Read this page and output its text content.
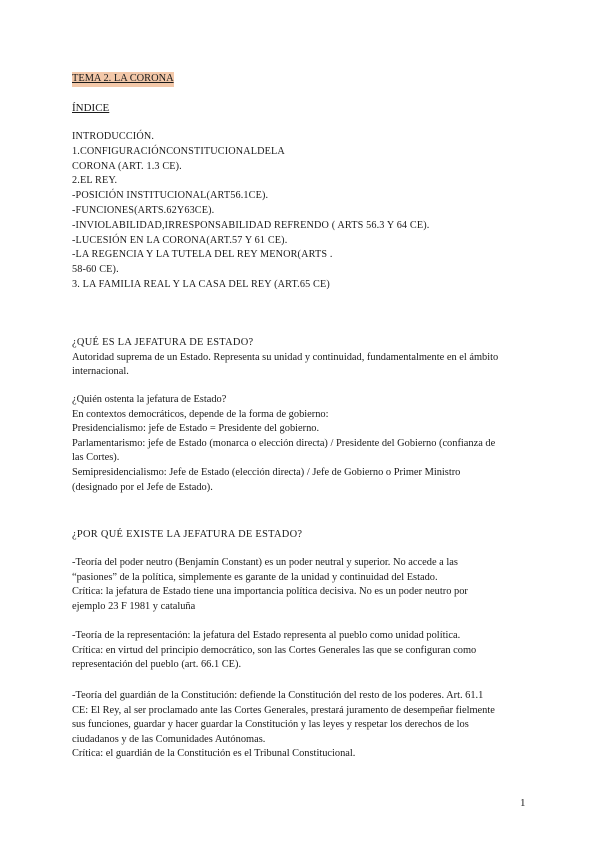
TEMA 2. LA CORONA
ÍNDICE

INTRODUCCIÓN.

1.CONFIGURACIÓNCONSTITUCIONALDELA

CORONA (ART. 1.3 CE).

2.EL REY.

-POSICIÓN INSTITUCIONAL(ART56.1CE).

-FUNCIONES(ARTS.62Y63CE).

-INVIOLABILIDAD,IRRESPONSABILIDAD REFRENDO ( ARTS 56.3 Y 64 CE).

-LUCESIÓN EN LA CORONA(ART.57 Y 61 CE).

-LA REGENCIA Y LA TUTELA DEL REY MENOR(ARTS .

58-60 CE).

3. LA FAMILIA REAL Y LA CASA DEL REY (ART.65 CE)

¿QUÉ ES LA JEFATURA DE ESTADO?

Autoridad suprema de un Estado. Representa su unidad y continuidad, fundamentalmente en el ámbito

internacional.

¿Quién ostenta la jefatura de Estado?

En contextos democráticos, depende de la forma de gobierno:

Presidencialismo: jefe de Estado = Presidente del gobierno.

Parlamentarismo: jefe de Estado (monarca o elección directa) / Presidente del Gobierno (confianza de

las Cortes).

Semipresidencialismo: Jefe de Estado (elección directa) / Jefe de Gobierno o Primer Ministro

(designado por el Jefe de Estado).

¿POR QUÉ EXISTE LA JEFATURA DE ESTADO?

-Teoría del poder neutro (Benjamín Constant) es un poder neutral y superior. No accede a las

“pasiones” de la política, simplemente es garante de la unidad y continuidad del Estado.

Crítica: la jefatura de Estado tiene una importancia política decisiva. No es un poder neutro por

ejemplo 23 F 1981 y cataluña

-Teoría de la representación: la jefatura del Estado representa al pueblo como unidad política.

Crítica: en virtud del principio democrático, son las Cortes Generales las que se configuran como

representación del pueblo (art. 66.1 CE).

-Teoría del guardián de la Constitución: defiende la Constitución del resto de los poderes. Art. 61.1

CE: El Rey, al ser proclamado ante las Cortes Generales, prestará juramento de desempeñar fielmente

sus funciones, guardar y hacer guardar la Constitución y las leyes y respetar los derechos de los

ciudadanos y de las Comunidades Autónomas.

Crítica: el guardián de la Constitución es el Tribunal Constitucional.

1
